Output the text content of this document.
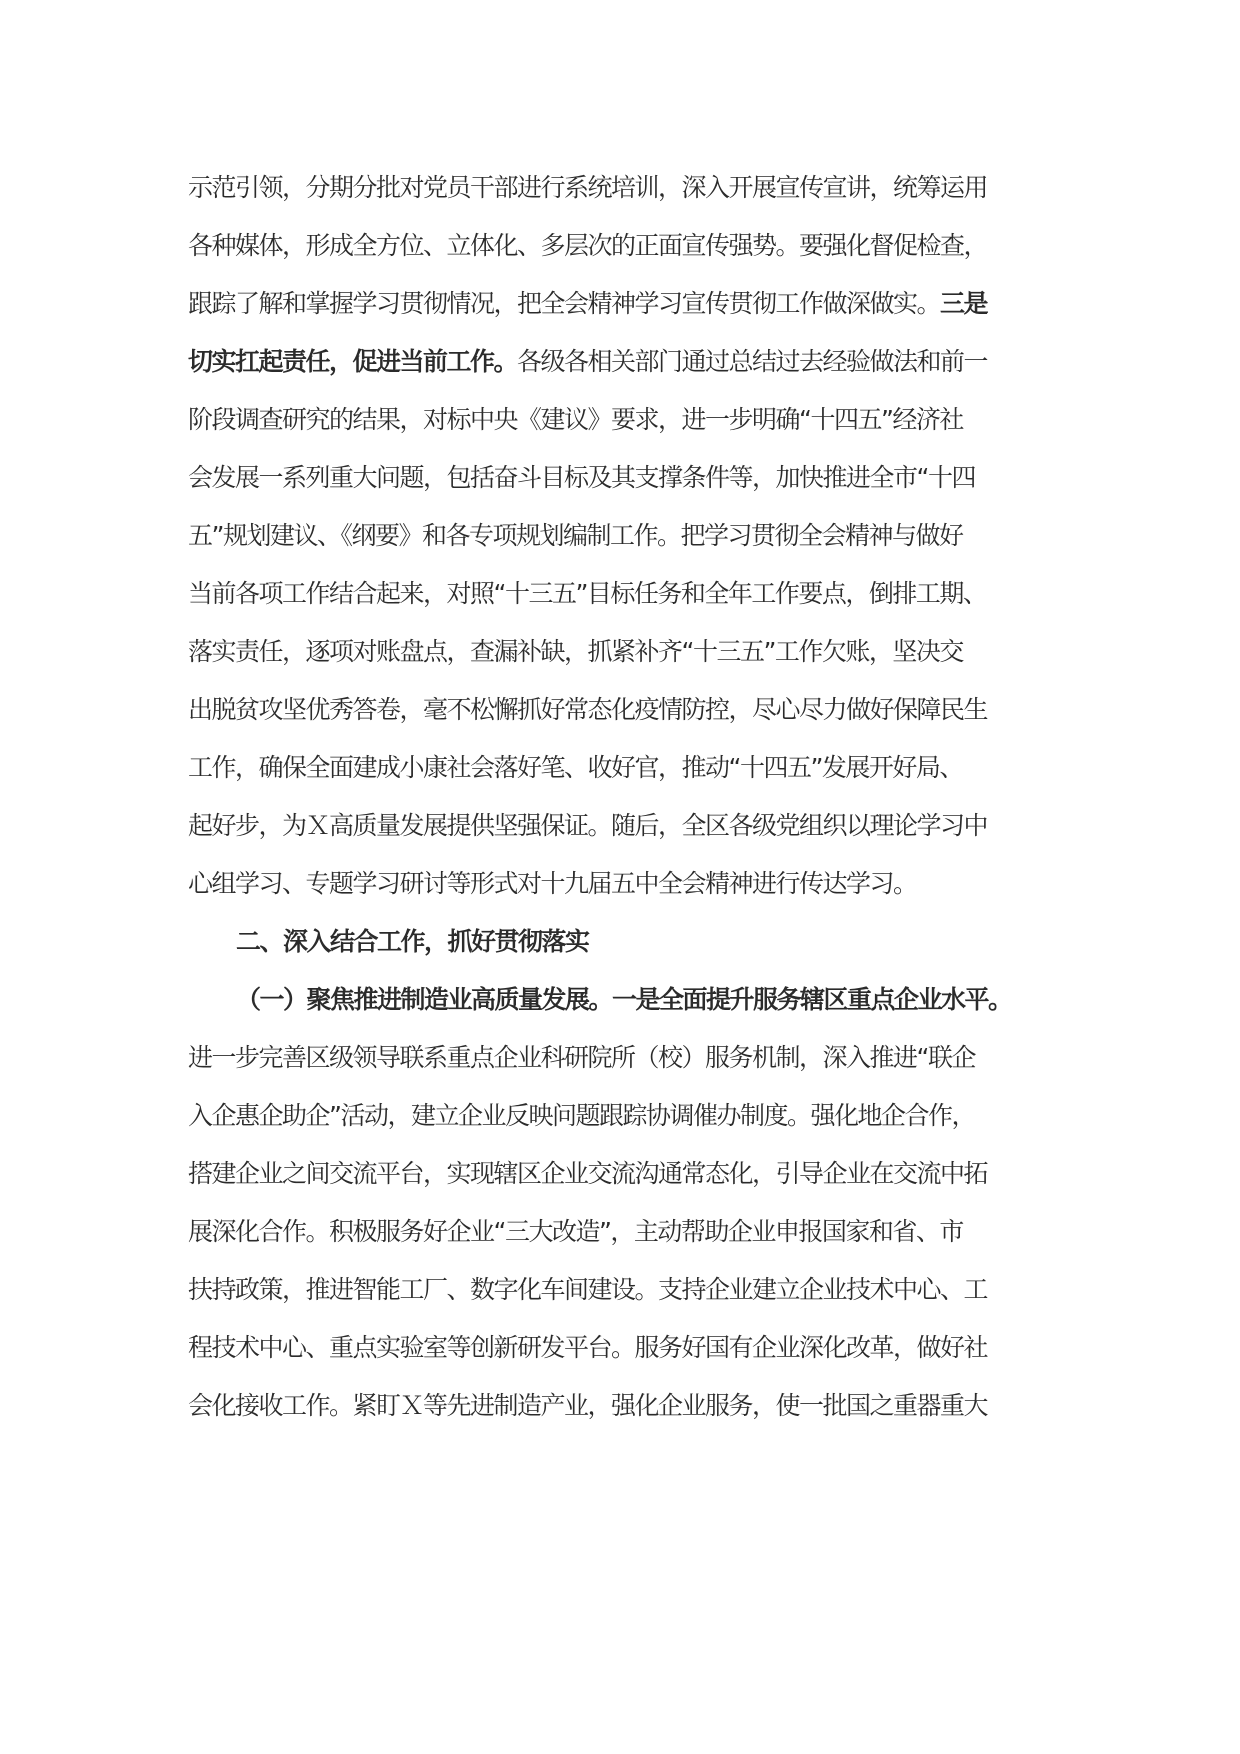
示范引领，分期分批对党员干部进行系统培训，深入开展宣传宣讲，统筹运用
各种媒体，形成全方位、立体化、多层次的正面宣传强势。要强化督促检查，
跟踪了解和掌握学习贯彻情况，把全会精神学习宣传贯彻工作做深做实。三是
切实扛起责任，促进当前工作。各级各相关部门通过总结过去经验做法和前一
阶段调查研究的结果，对标中央《建议》要求，进一步明确“十四五”经济社
会发展一系列重大问题，包括奋斗目标及其支撑条件等，加快推进全市“十四
五”规划建议、《纲要》和各专项规划编制工作。把学习贯彻全会精神与做好
当前各项工作结合起来，对照“十三五”目标任务和全年工作要点，倒排工期、
落实责任，逐项对账盘点，查漏补缺，抓紧补齐“十三五”工作欠账，坚决交
出脱贫攻坚优秀答卷，毫不松懈抓好常态化疫情防控，尽心尽力做好保障民生
工作，确保全面建成小康社会落好笔、收好官，推动“十四五”发展开好局、
起好步，为Ｘ高质量发展提供坚强保证。随后，全区各级党组织以理论学习中
心组学习、专题学习研讨等形式对十九届五中全会精神进行传达学习。
二、深入结合工作，抓好贯彻落实
（一）聚焦推进制造业高质量发展。一是全面提升服务辖区重点企业水平。
进一步完善区级领导联系重点企业科研院所（校）服务机制，深入推进“联企
入企惠企助企”活动，建立企业反映问题跟踪协调催办制度。强化地企合作，
搭建企业之间交流平台，实现辖区企业交流沟通常态化，引导企业在交流中拓
展深化合作。积极服务好企业“三大改造”，主动帮助企业申报国家和省、市
扶持政策，推进智能工厂、数字化车间建设。支持企业建立企业技术中心、工
程技术中心、重点实验室等创新研发平台。服务好国有企业深化改革，做好社
会化接收工作。紧盯Ｘ等先进制造产业，强化企业服务，使一批国之重器重大
